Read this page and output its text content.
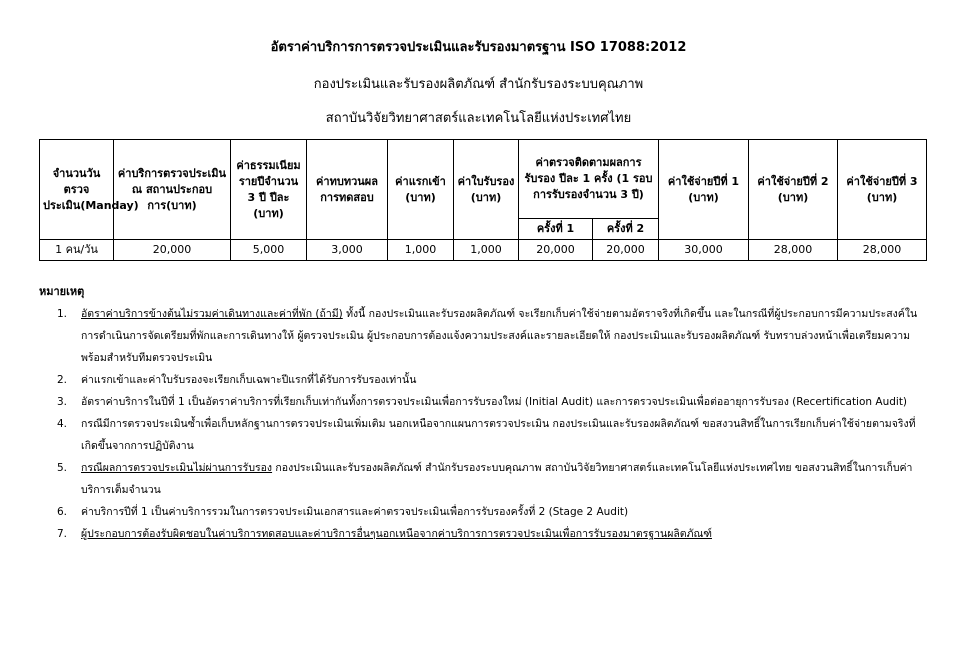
อัตราค่าบริการการตรวจประเมินและรับรองมาตรฐาน ISO 17088:2012
กองประเมินและรับรองผลิตภัณฑ์ สำนักรับรองระบบคุณภาพ
สถาบันวิจัยวิทยาศาสตร์และเทคโนโลยีแห่งประเทศไทย
จำนวนวันตรวจประเมิน(Manday)	ค่าบริการตรวจประเมิน ณ สถานประกอบการ(บาท)	ค่าธรรมเนียมรายปีจำนวน 3 ปี ปีละ (บาท)	ค่าทบทวนผลการทดสอบ	ค่าแรกเข้า (บาท)	ค่าใบรับรอง (บาท)	ค่าตรวจติดตามผลการรับรอง ปีละ 1 ครั้ง (1 รอบการรับรองจำนวน 3 ปี)		ค่าใช้จ่ายปีที่ 1 (บาท)	ค่าใช้จ่ายปีที่ 2 (บาท)	ค่าใช้จ่ายปีที่ 3 (บาท)
						ครั้งที่ 1	ครั้งที่ 2			
1 คน/วัน	20,000	5,000	3,000	1,000	1,000	20,000	20,000	30,000	28,000	28,000
หมายเหตุ
1.	อัตราค่าบริการข้างต้นไม่รวมค่าเดินทางและค่าที่พัก (ถ้ามี) ทั้งนี้ กองประเมินและรับรองผลิตภัณฑ์ จะเรียกเก็บค่าใช้จ่ายตามอัตราจริงที่เกิดขึ้น และในกรณีที่ผู้ประกอบการมีความประสงค์ในการดำเนินการจัดเตรียมที่พักและการเดินทางให้ ผู้ตรวจประเมิน ผู้ประกอบการต้องแจ้งความประสงค์และรายละเอียดให้ กองประเมินและรับรองผลิตภัณฑ์ รับทราบล่วงหน้าเพื่อเตรียมความพร้อมสำหรับทีมตรวจประเมิน
2.	ค่าแรกเข้าและค่าใบรับรองจะเรียกเก็บเฉพาะปีแรกที่ได้รับการรับรองเท่านั้น
3.	อัตราค่าบริการในปีที่ 1 เป็นอัตราค่าบริการที่เรียกเก็บเท่ากันทั้งการตรวจประเมินเพื่อการรับรองใหม่ (Initial Audit) และการตรวจประเมินเพื่อต่ออายุการรับรอง (Recertification Audit)
4.	กรณีมีการตรวจประเมินซ้ำเพื่อเก็บหลักฐานการตรวจประเมินเพิ่มเติม นอกเหนือจากแผนการตรวจประเมิน กองประเมินและรับรองผลิตภัณฑ์ ขอสงวนสิทธิ์ในการเรียกเก็บค่าใช้จ่ายตามจริงที่เกิดขึ้นจากการปฏิบัติงาน
5.	กรณีผลการตรวจประเมินไม่ผ่านการรับรอง กองประเมินและรับรองผลิตภัณฑ์ สำนักรับรองระบบคุณภาพ สถาบันวิจัยวิทยาศาสตร์และเทคโนโลยีแห่งประเทศไทย ขอสงวนสิทธิ์ในการเก็บค่าบริการเต็มจำนวน
6.	ค่าบริการปีที่ 1 เป็นค่าบริการรวมในการตรวจประเมินเอกสารและค่าตรวจประเมินเพื่อการรับรองครั้งที่ 2 (Stage 2 Audit)
7.	ผู้ประกอบการต้องรับผิดชอบในค่าบริการทดสอบและค่าบริการอื่นๆนอกเหนือจากค่าบริการการตรวจประเมินเพื่อการรับรองมาตรฐานผลิตภัณฑ์
